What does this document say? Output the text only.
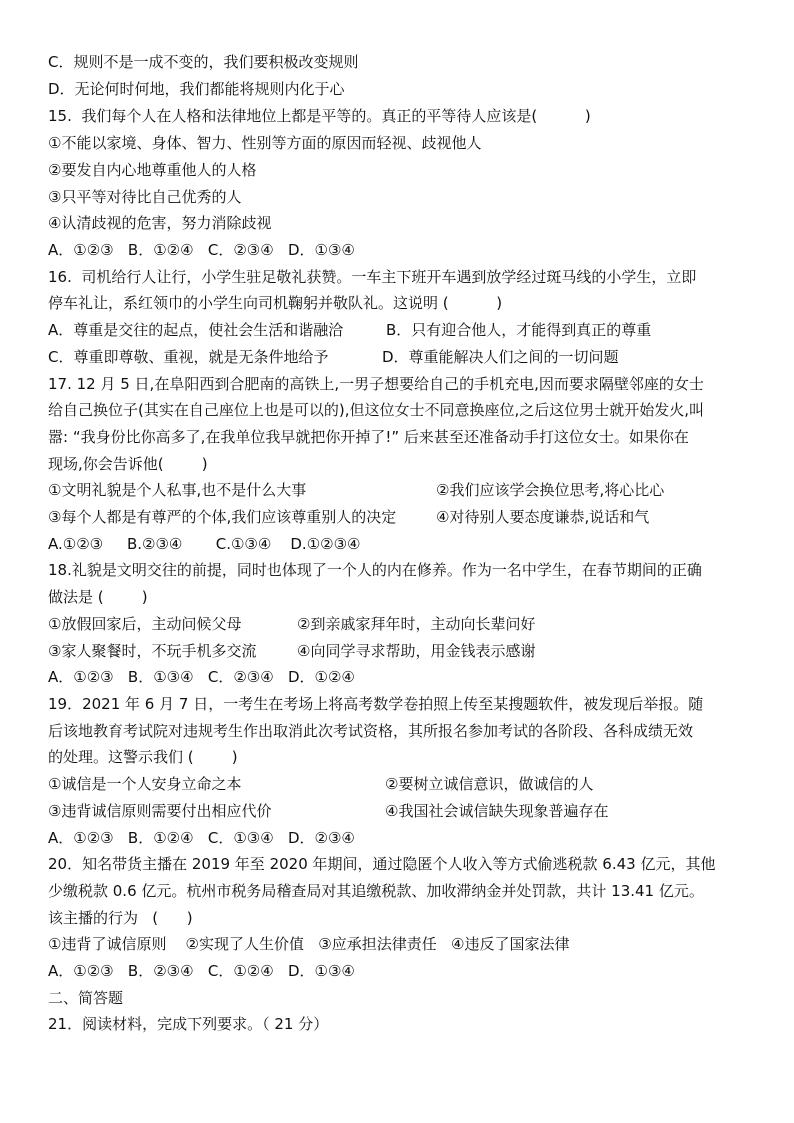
C．规则不是一成不变的，我们要积极改变规则
D．无论何时何地，我们都能将规则内化于心
15.  我们每个人在人格和法律地位上都是平等的。真正的平等待人应该是(          )
①不能以家境、身体、智力、性别等方面的原因而轻视、歧视他人
②要发自内心地尊重他人的人格
③只平等对待比自己优秀的人
④认清歧视的危害，努力消除歧视
A．①②③   B．①②④   C．②③④   D．①③④
16.  司机给行人让行，小学生驻足敬礼获赞。一车主下班开车遇到放学经过斑马线的小学生，立即
停车礼让，系红领巾的小学生向司机鞠躬并敬队礼。这说明 (          )
A．尊重是交往的起点，使社会生活和谐融洽	B．只有迎合他人，才能得到真正的尊重
C．尊重即尊敬、重视，就是无条件地给予	D．尊重能解决人们之间的一切问题
17. 12 月 5 日,在阜阳西到合肥南的高铁上,一男子想要给自己的手机充电,因而要求隔壁邻座的女士
给自己换位子(其实在自己座位上也是可以的),但这位女士不同意换座位,之后这位男士就开始发火,叫
嚣: “我身份比你高多了,在我单位我早就把你开掉了!” 后来甚至还准备动手打这位女士。如果你在
现场,你会告诉他(        )
①文明礼貌是个人私事,也不是什么大事	②我们应该学会换位思考,将心比心
③每个人都是有尊严的个体,我们应该尊重别人的决定	④对待别人要态度谦恭,说话和气
A.①②③     B.②③④       C.①③④    D.①②③④
18.礼貌是文明交往的前提，同时也体现了一个人的内在修养。作为一名中学生，在春节期间的正确
做法是 (        )
①放假回家后，主动问候父母	②到亲戚家拜年时，主动向长辈问好
③家人聚餐时，不玩手机多交流	④向同学寻求帮助，用金钱表示感谢
A．①②③   B．①③④   C．②③④   D．①②④
19．2021 年 6 月 7 日，一考生在考场上将高考数学卷拍照上传至某搜题软件，被发现后举报。随
后该地教育考试院对违规考生作出取消此次考试资格，其所报名参加考试的各阶段、各科成绩无效
的处理。这警示我们 (        )
①诚信是一个人安身立命之本	②要树立诚信意识，做诚信的人
③违背诚信原则需要付出相应代价	④我国社会诚信缺失现象普遍存在
A．①②③   B．①②④   C．①③④   D．②③④
20．知名带货主播在 2019 年至 2020 年期间，通过隐匿个人收入等方式偷逃税款 6.43 亿元，其他
少缴税款 0.6 亿元。杭州市税务局稽查局对其追缴税款、加收滞纳金并处罚款，共计 13.41 亿元。
该主播的行为   (      )
①违背了诚信原则    ②实现了人生价值   ③应承担法律责任   ④违反了国家法律
A．①②③   B．②③④   C．①②④   D．①③④
二、简答题
21．阅读材料，完成下列要求。（ 21 分）
